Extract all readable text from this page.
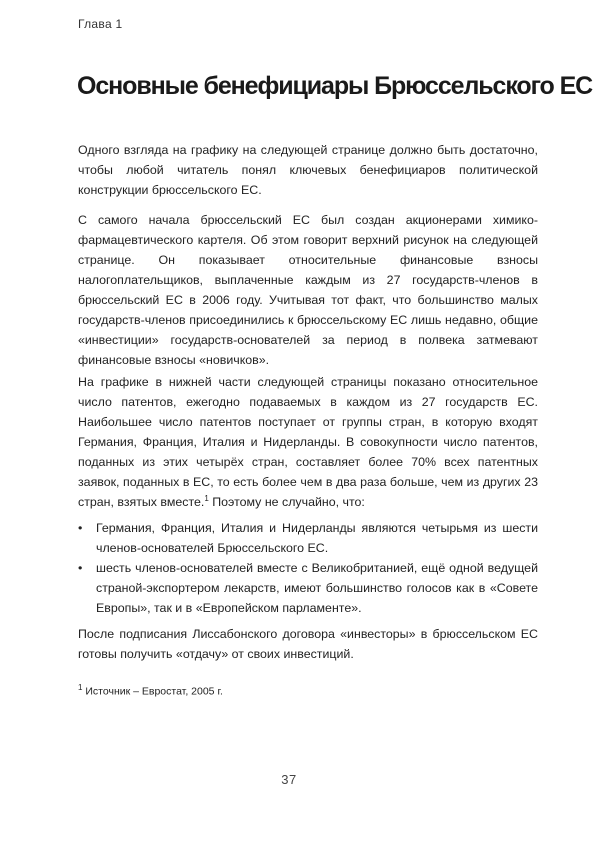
Глава 1
Основные бенефициары Брюссельского ЕС
Одного взгляда на графику на следующей странице должно быть достаточно, чтобы любой читатель понял ключевых бенефициаров политической конструкции брюссельского ЕС.
С самого начала брюссельский ЕС был создан акционерами химико-фармацевтического картеля. Об этом говорит верхний рисунок на следующей странице. Он показывает относительные финансовые взносы налогоплательщиков, выплаченные каждым из 27 государств-членов в брюссельский ЕС в 2006 году. Учитывая тот факт, что большинство малых государств-членов присоединились к брюссельскому ЕС лишь недавно, общие «инвестиции» государств-основателей за период в полвека затмевают финансовые взносы «новичков».
На графике в нижней части следующей страницы показано относительное число патентов, ежегодно подаваемых в каждом из 27 государств ЕС. Наибольшее число патентов поступает от группы стран, в которую входят Германия, Франция, Италия и Нидерланды. В совокупности число патентов, поданных из этих четырёх стран, составляет более 70% всех патентных заявок, поданных в ЕС, то есть более чем в два раза больше, чем из других 23 стран, взятых вместе.$^1$ Поэтому не случайно, что:
• Германия, Франция, Италия и Нидерланды являются четырьмя из шести членов-основателей Брюссельского ЕС.
• шесть членов-основателей вместе с Великобританией, ещё одной ведущей страной-экспортером лекарств, имеют большинство голосов как в «Совете Европы», так и в «Европейском парламенте».
После подписания Лиссабонского договора «инвесторы» в брюссельском ЕС готовы получить «отдачу» от своих инвестиций.
$^1$ Источник – Евростат, 2005 г.
37
